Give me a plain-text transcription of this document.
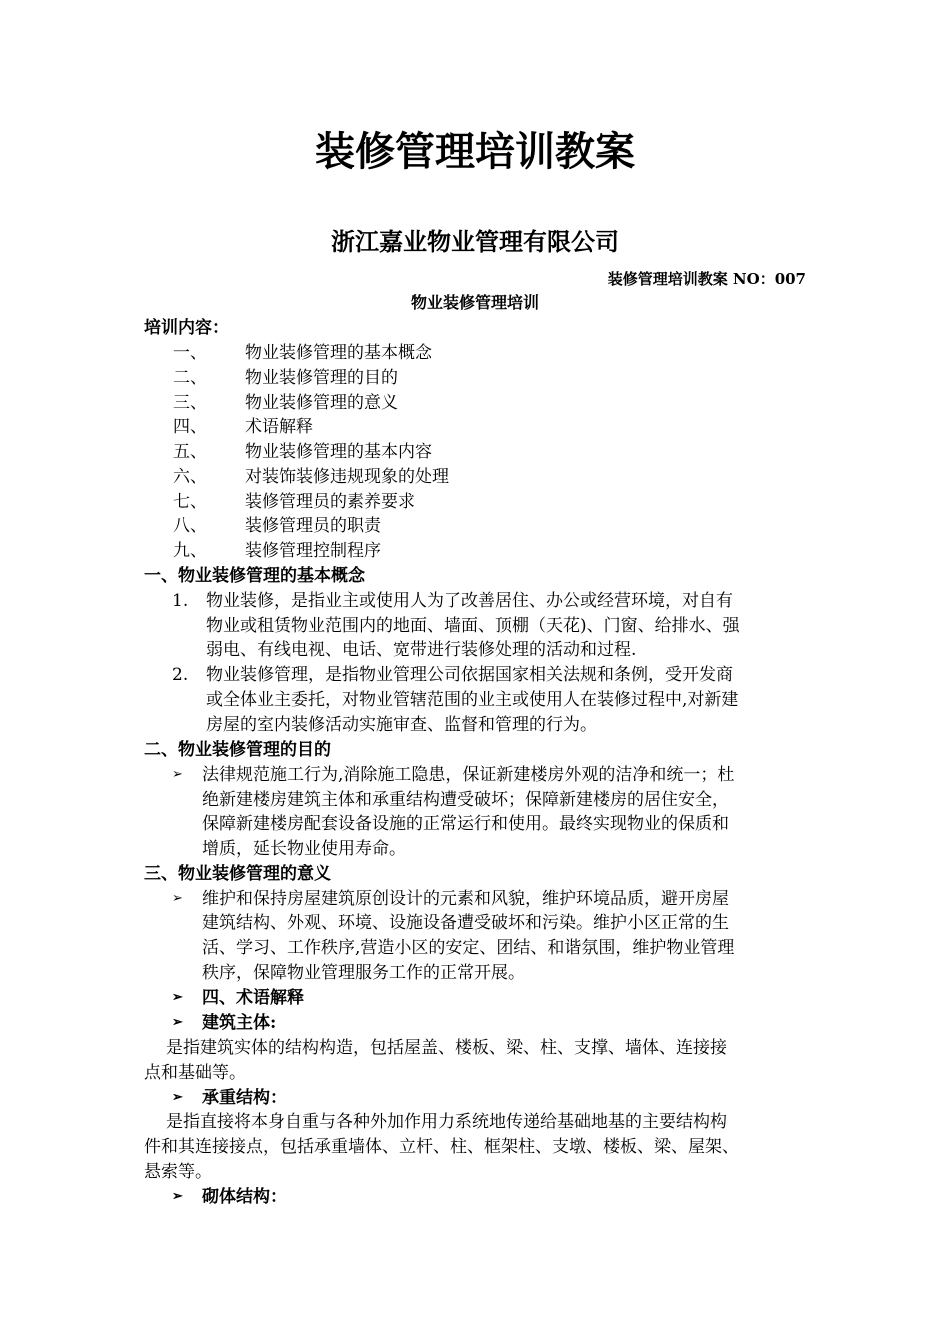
装修管理培训教案
浙江嘉业物业管理有限公司
装修管理培训教案 NO：007
物业装修管理培训
培训内容：
一、 物业装修管理的基本概念
二、 物业装修管理的目的
三、 物业装修管理的意义
四、 术语解释
五、 物业装修管理的基本内容
六、 对装饰装修违规现象的处理
七、 装修管理员的素养要求
八、 装修管理员的职责
九、 装修管理控制程序
一、物业装修管理的基本概念
1. 物业装修，是指业主或使用人为了改善居住、办公或经营环境，对自有
物业或租赁物业范围内的地面、墙面、顶棚（天花)、门窗、给排水、强
弱电、有线电视、电话、宽带进行装修处理的活动和过程.
2. 物业装修管理，是指物业管理公司依据国家相关法规和条例，受开发商
或全体业主委托，对物业管辖范围的业主或使用人在装修过程中,对新建
房屋的室内装修活动实施审查、监督和管理的行为。
二、物业装修管理的目的
➢ 法律规范施工行为,消除施工隐患，保证新建楼房外观的洁净和统一；杜
绝新建楼房建筑主体和承重结构遭受破坏；保障新建楼房的居住安全，
保障新建楼房配套设备设施的正常运行和使用。最终实现物业的保质和
增质，延长物业使用寿命。
三、物业装修管理的意义
➢ 维护和保持房屋建筑原创设计的元素和风貌，维护环境品质，避开房屋
建筑结构、外观、环境、设施设备遭受破坏和污染。维护小区正常的生
活、学习、工作秩序,营造小区的安定、团结、和谐氛围，维护物业管理
秩序，保障物业管理服务工作的正常开展。
➢ 四、术语解释
➢ 建筑主体:
是指建筑实体的结构构造，包括屋盖、楼板、梁、柱、支撑、墙体、连接接
点和基础等。
➢ 承重结构：
是指直接将本身自重与各种外加作用力系统地传递给基础地基的主要结构构
件和其连接接点，包括承重墙体、立杆、柱、框架柱、支墩、楼板、梁、屋架、
悬索等。
➢ 砌体结构：
